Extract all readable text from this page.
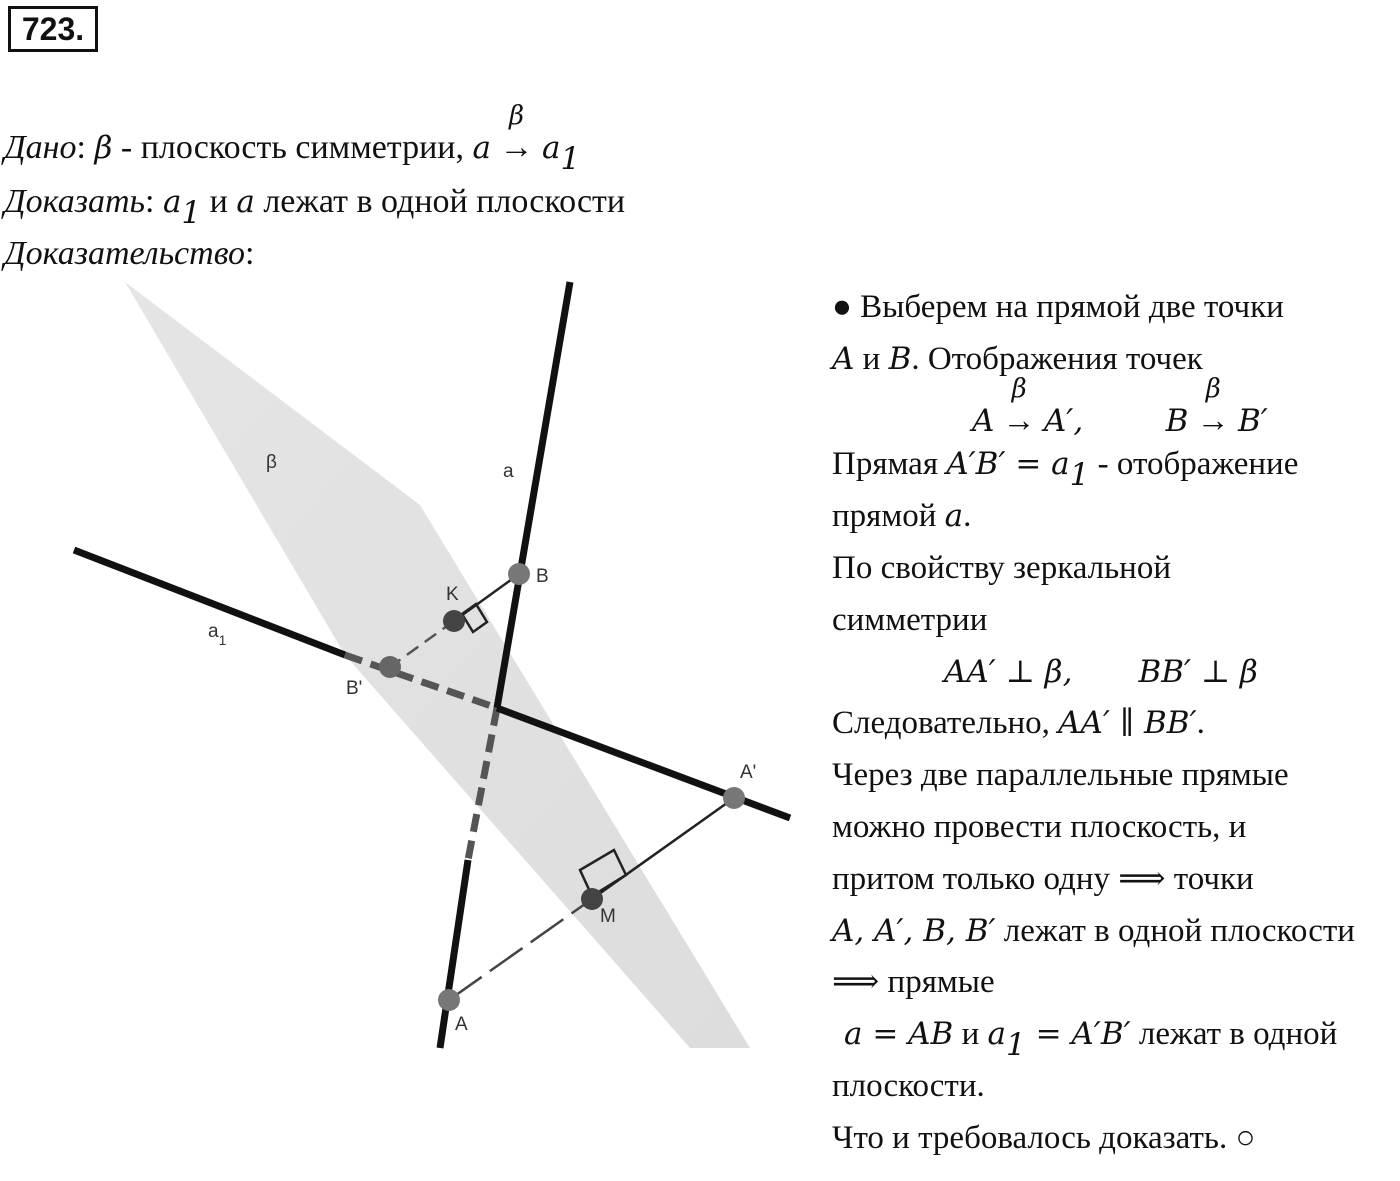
723.
Дано: β - плоскость симметрии, a
β
→ $a_1$
Доказать: $a_1$ и a лежат в одной плоскости
Доказательство:
β	a
$a_1$
B
K
B'
A'
M
A
● Выберем на прямой две точки
A и B. Отображения точек
A
β
→ A′,	B
β
→ B′
Прямая $A'B' = a_1$ - отображение
прямой a.
По свойству зеркальной
симметрии
AA′ ⊥ β, BB′ ⊥ β
Следовательно, AA′ ∥ BB′.
Через две параллельные прямые
можно провести плоскость, и
притом только одну ⟹ точки
A, A′, B, B′ лежат в одной плоскости
⟹ прямые
a = AB и $a_1 = A'B'$ лежат в одной
плоскости.
Что и требовалось доказать. ○
